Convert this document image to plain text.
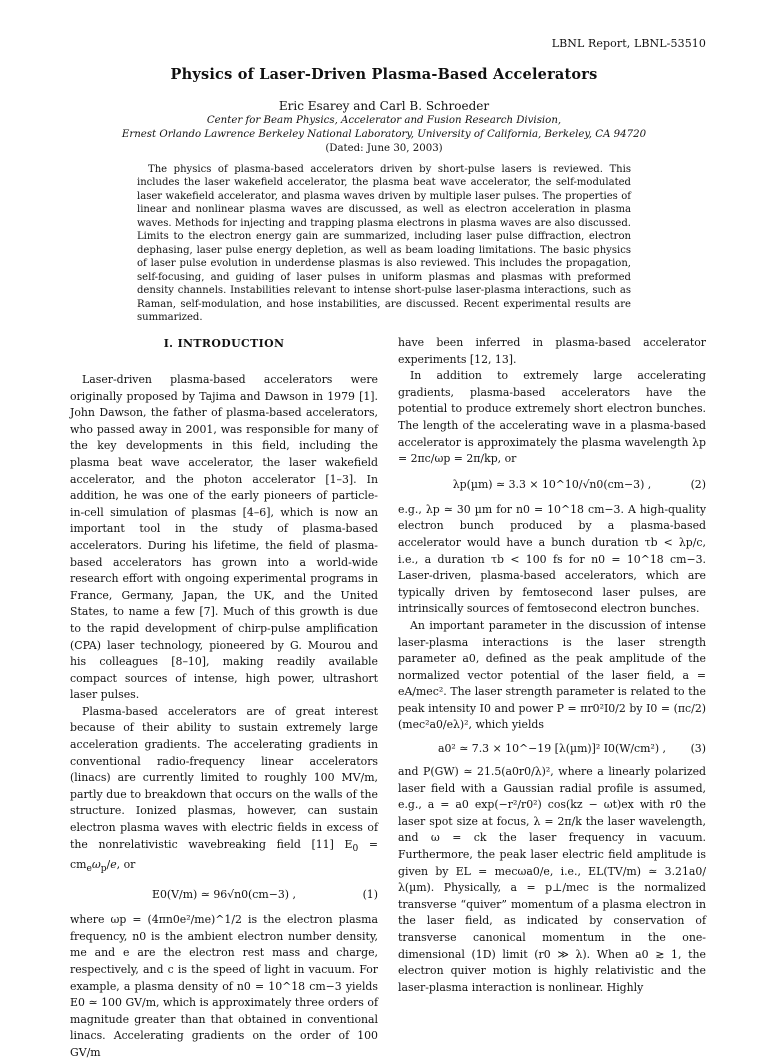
LBNL Report, LBNL-53510
Physics of Laser-Driven Plasma-Based Accelerators
Eric Esarey and Carl B. Schroeder
Center for Beam Physics, Accelerator and Fusion Research Division,
Ernest Orlando Lawrence Berkeley National Laboratory, University of California, Berkeley, CA 94720
(Dated: June 30, 2003)

The physics of plasma-based accelerators driven by short-pulse lasers is reviewed. This includes the laser wakefield accelerator, the plasma beat wave accelerator, the self-modulated laser wakefield accelerator, and plasma waves driven by multiple laser pulses. The properties of linear and nonlinear plasma waves are discussed, as well as electron acceleration in plasma waves. Methods for injecting and trapping plasma electrons in plasma waves are also discussed. Limits to the electron energy gain are summarized, including laser pulse diffraction, electron dephasing, laser pulse energy depletion, as well as beam loading limitations. The basic physics of laser pulse evolution in underdense plasmas is also reviewed. This includes the propagation, self-focusing, and guiding of laser pulses in uniform plasmas and plasmas with preformed density channels. Instabilities relevant to intense short-pulse laser-plasma interactions, such as Raman, self-modulation, and hose instabilities, are discussed. Recent experimental results are summarized.

I. INTRODUCTION

Laser-driven plasma-based accelerators were originally proposed by Tajima and Dawson in 1979 [1]. John Dawson, the father of plasma-based accelerators, who passed away in 2001, was responsible for many of the key developments in this field, including the plasma beat wave accelerator, the laser wakefield accelerator, and the photon accelerator [1–3]. In addition, he was one of the early pioneers of particle-in-cell simulation of plasmas [4–6], which is now an important tool in the study of plasma-based accelerators. During his lifetime, the field of plasma-based accelerators has grown into a world-wide research effort with ongoing experimental programs in France, Germany, Japan, the UK, and the United States, to name a few [7]. Much of this growth is due to the rapid development of chirp-pulse amplification (CPA) laser technology, pioneered by G. Mourou and his colleagues [8–10], making readily available compact sources of intense, high power, ultrashort laser pulses.

Plasma-based accelerators are of great interest because of their ability to sustain extremely large acceleration gradients. The accelerating gradients in conventional radio-frequency linear accelerators (linacs) are currently limited to roughly 100 MV/m, partly due to breakdown that occurs on the walls of the structure. Ionized plasmas, however, can sustain electron plasma waves with electric fields in excess of the nonrelativistic wavebreaking field [11] $E_0 = cm_e\omega_p/e$, or

E0(V/m) ≃ 96√n0(cm−3) ,	(1)

where ωp = (4πn0e²/me)^1/2 is the electron plasma frequency, n0 is the ambient electron number density, me and e are the electron rest mass and charge, respectively, and c is the speed of light in vacuum. For example, a plasma density of n0 = 10^18 cm−3 yields E0 ≃ 100 GV/m, which is approximately three orders of magnitude greater than that obtained in conventional linacs. Accelerating gradients on the order of 100 GV/m

have been inferred in plasma-based accelerator experiments [12, 13].

In addition to extremely large accelerating gradients, plasma-based accelerators have the potential to produce extremely short electron bunches. The length of the accelerating wave in a plasma-based accelerator is approximately the plasma wavelength λp = 2πc/ωp = 2π/kp, or

λp(µm) ≃ 3.3 × 10^10/√n0(cm−3) ,	(2)

e.g., λp ≃ 30 µm for n0 = 10^18 cm−3. A high-quality electron bunch produced by a plasma-based accelerator would have a bunch duration τb < λp/c, i.e., a duration τb < 100 fs for n0 = 10^18 cm−3. Laser-driven, plasma-based accelerators, which are typically driven by femtosecond laser pulses, are intrinsically sources of femtosecond electron bunches.

An important parameter in the discussion of intense laser-plasma interactions is the laser strength parameter a0, defined as the peak amplitude of the normalized vector potential of the laser field, a = eA/mec². The laser strength parameter is related to the peak intensity I0 and power P = πr0²I0/2 by I0 = (πc/2)(mec²a0/eλ)², which yields

a0² ≃ 7.3 × 10^−19 [λ(µm)]² I0(W/cm²) , (3)

and P(GW) ≃ 21.5(a0r0/λ)², where a linearly polarized laser field with a Gaussian radial profile is assumed, e.g., a = a0 exp(−r²/r0²) cos(kz − ωt)ex with r0 the laser spot size at focus, λ = 2π/k the laser wavelength, and ω = ck the laser frequency in vacuum. Furthermore, the peak laser electric field amplitude is given by EL = mecωa0/e, i.e., EL(TV/m) ≃ 3.21a0/λ(µm). Physically, a = p⊥/mec is the normalized transverse “quiver” momentum of a plasma electron in the laser field, as indicated by conservation of transverse canonical momentum in the one-dimensional (1D) limit (r0 ≫ λ). When a0 ≳ 1, the electron quiver motion is highly relativistic and the laser-plasma interaction is nonlinear. Highly
